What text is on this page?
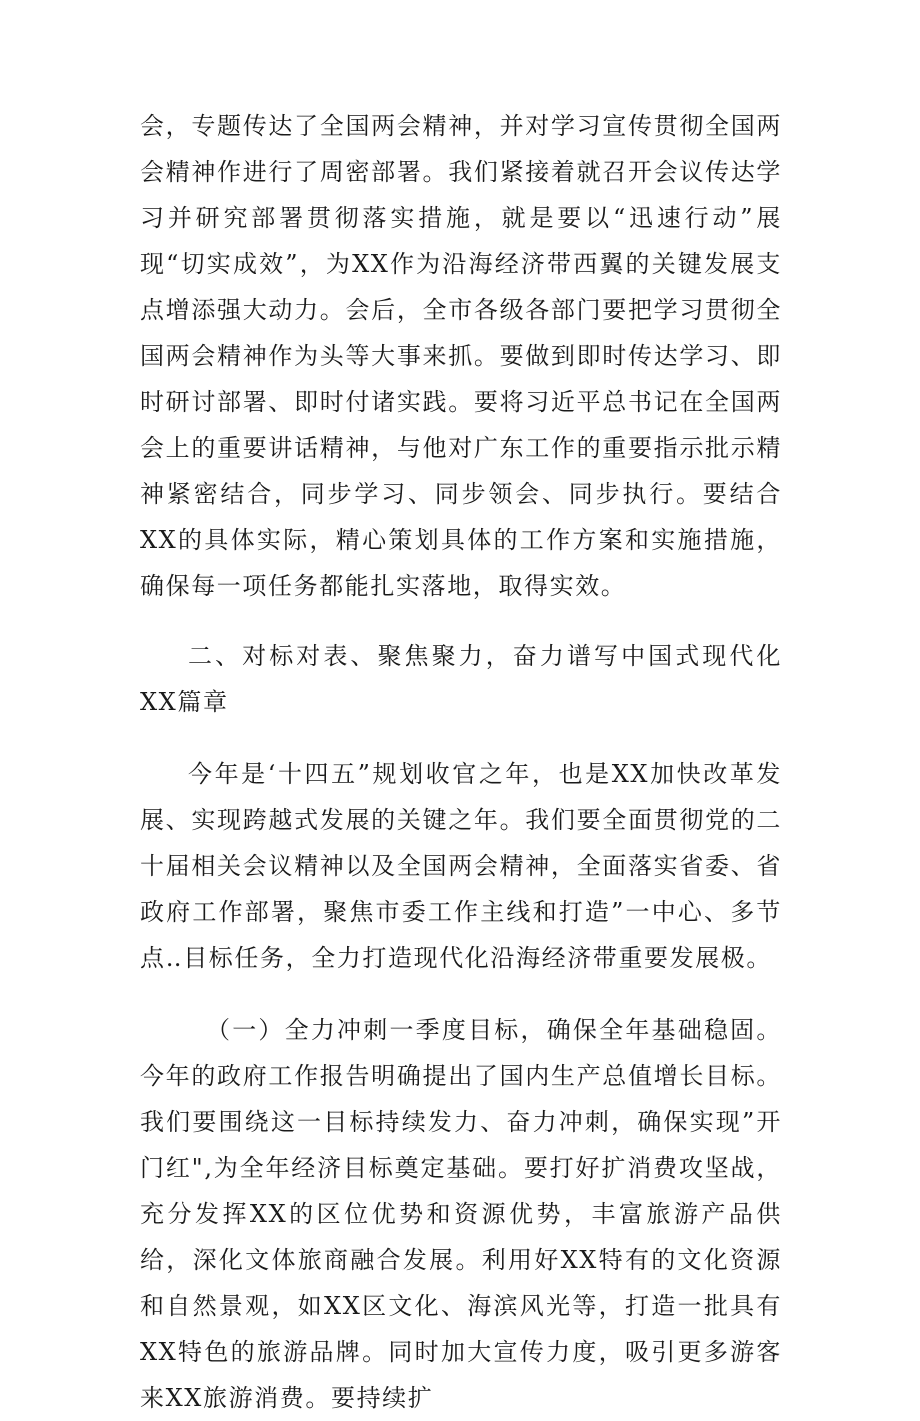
会，专题传达了全国两会精神，并对学习宣传贯彻全国两会精神作进行了周密部署。我们紧接着就召开会议传达学习并研究部署贯彻落实措施，就是要以“迅速行动”展现“切实成效”，为XX作为沿海经济带西翼的关键发展支点增添强大动力。会后，全市各级各部门要把学习贯彻全国两会精神作为头等大事来抓。要做到即时传达学习、即时研讨部署、即时付诸实践。要将习近平总书记在全国两会上的重要讲话精神，与他对广东工作的重要指示批示精神紧密结合，同步学习、同步领会、同步执行。要结合XX的具体实际，精心策划具体的工作方案和实施措施，确保每一项任务都能扎实落地，取得实效。

二、对标对表、聚焦聚力，奋力谱写中国式现代化XX篇章

今年是‘十四五”规划收官之年，也是XX加快改革发展、实现跨越式发展的关键之年。我们要全面贯彻党的二十届相关会议精神以及全国两会精神，全面落实省委、省政府工作部署，聚焦市委工作主线和打造”一中心、多节点‥目标任务，全力打造现代化沿海经济带重要发展极。

（一）全力冲刺一季度目标，确保全年基础稳固。今年的政府工作报告明确提出了国内生产总值增长目标。我们要围绕这一目标持续发力、奋力冲刺，确保实现”开门红",为全年经济目标奠定基础。要打好扩消费攻坚战，充分发挥XX的区位优势和资源优势，丰富旅游产品供给，深化文体旅商融合发展。利用好XX特有的文化资源和自然景观，如XX区文化、海滨风光等，打造一批具有XX特色的旅游品牌。同时加大宣传力度，吸引更多游客来XX旅游消费。要持续扩
